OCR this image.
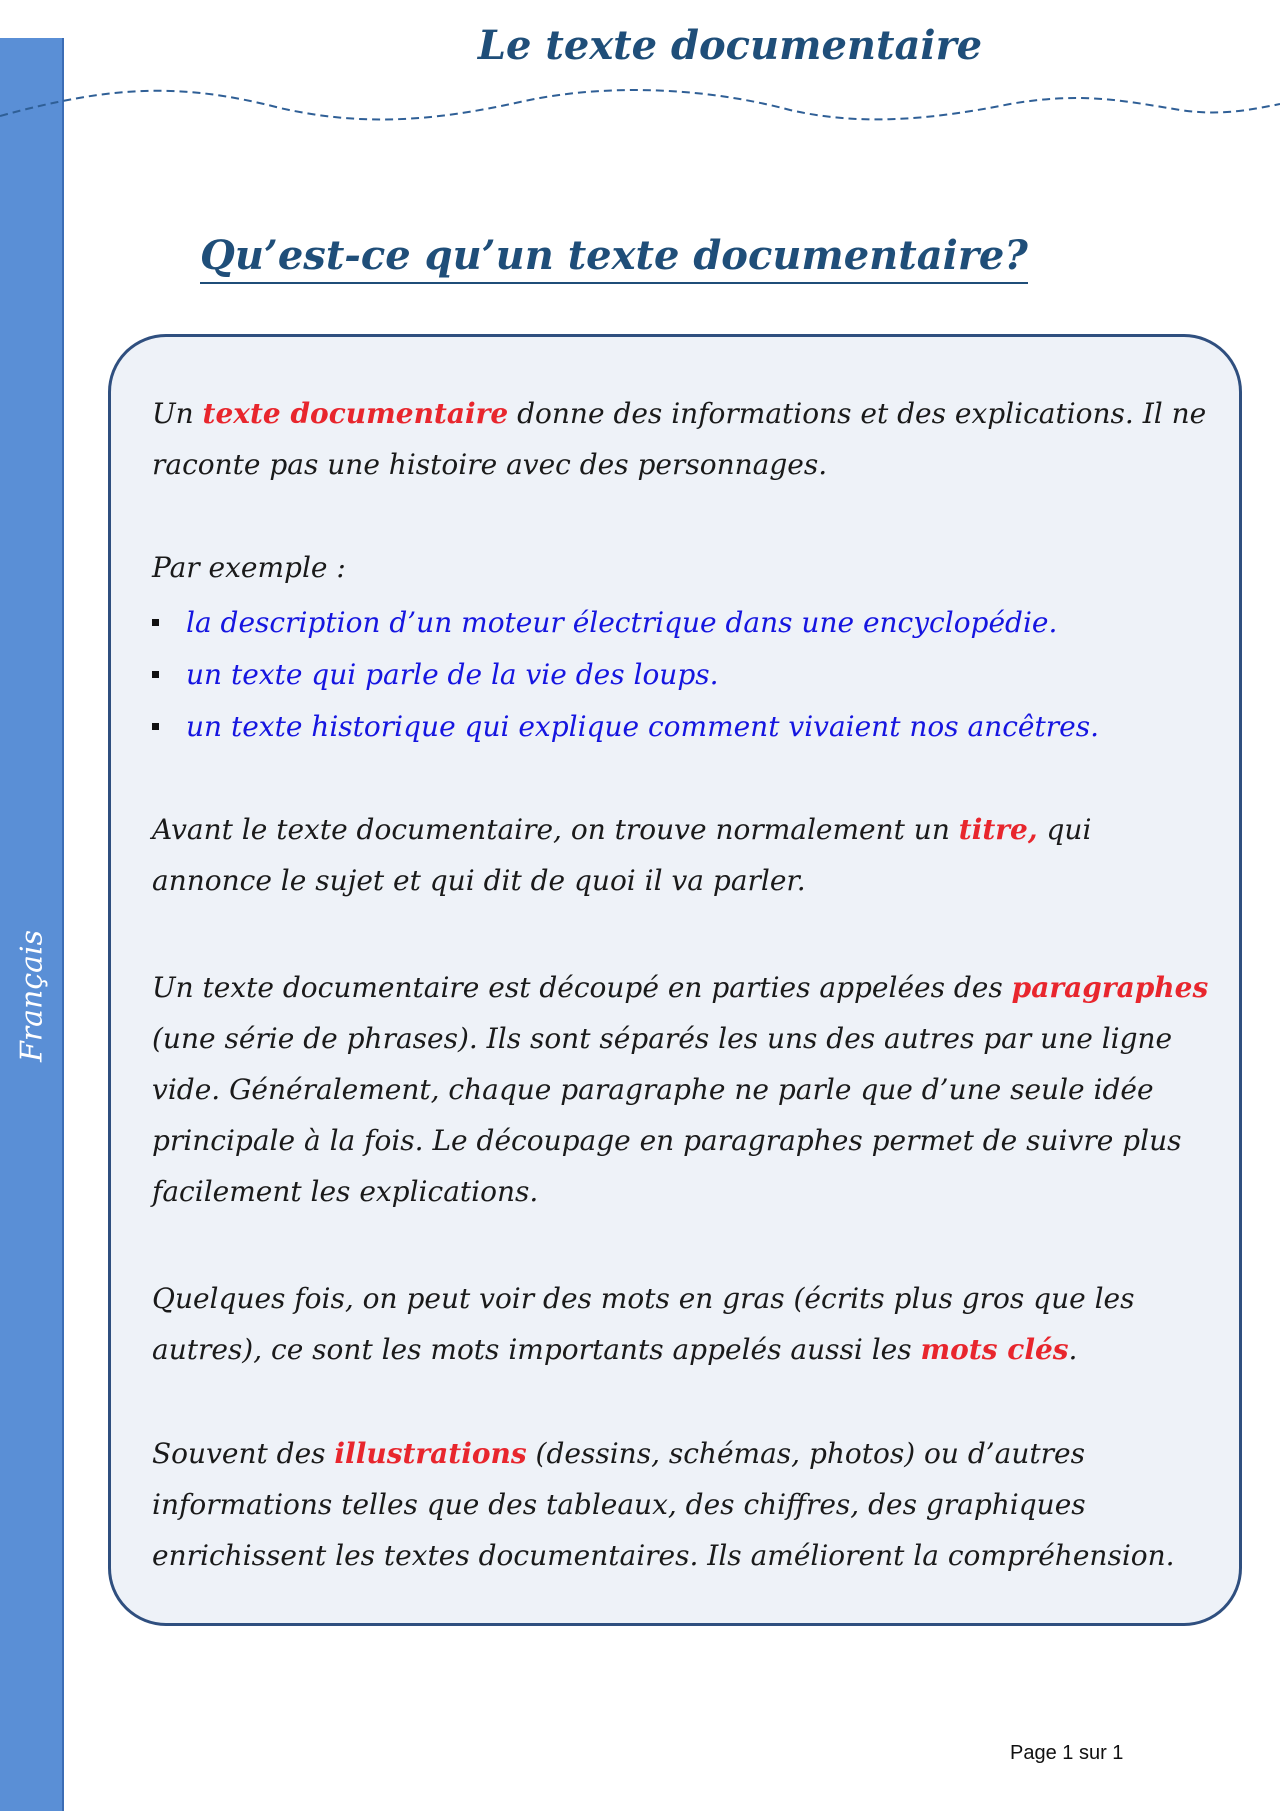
Français
Le texte documentaire
Qu’est-ce qu’un texte documentaire?

Un texte documentaire donne des informations et des explications. Il ne raconte pas une histoire avec des personnages.

Par exemple :

la description d’un moteur électrique dans une encyclopédie.
un texte qui parle de la vie des loups.
un texte historique qui explique comment vivaient nos ancêtres.

Avant le texte documentaire, on trouve normalement un titre, qui annonce le sujet et qui dit de quoi il va parler.

Un texte documentaire est découpé en parties appelées des paragraphes (une série de phrases). Ils sont séparés les uns des autres par une ligne vide. Généralement, chaque paragraphe ne parle que d’une seule idée principale à la fois. Le découpage en paragraphes permet de suivre plus facilement les explications.

Quelques fois, on peut voir des mots en gras (écrits plus gros que les autres), ce sont les mots importants appelés aussi les mots clés.

Souvent des illustrations (dessins, schémas, photos) ou d’autres informations telles que des tableaux, des chiffres, des graphiques enrichissent les textes documentaires. Ils améliorent la compréhension.

Page 1 sur 1
